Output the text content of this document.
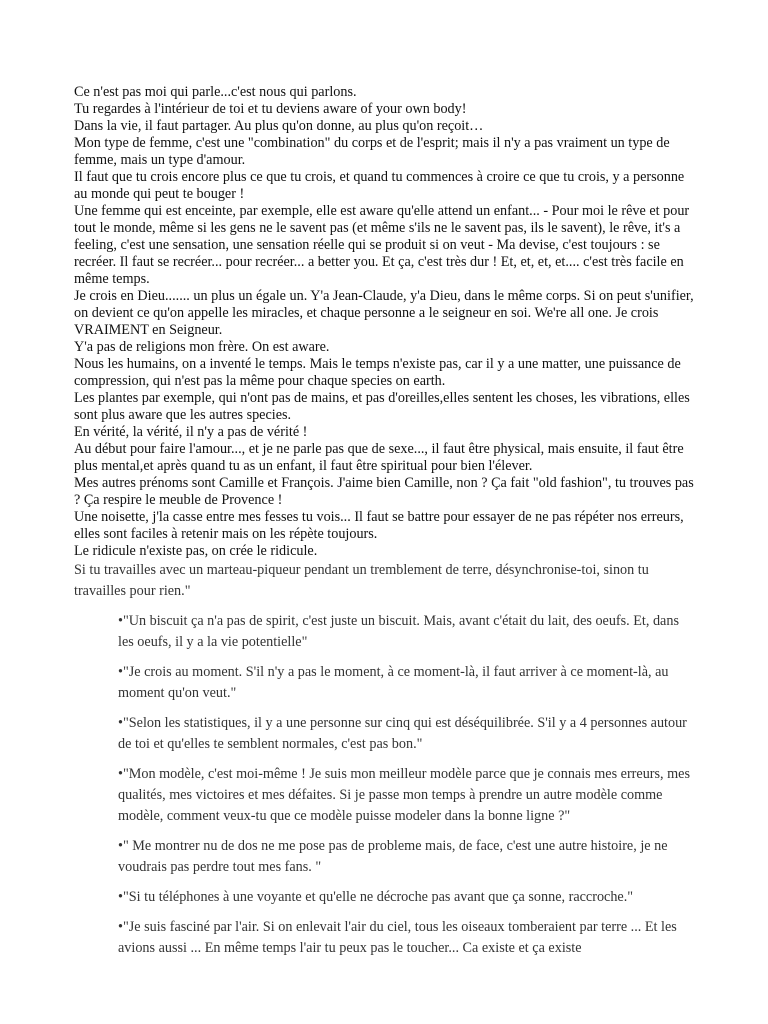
Ce n'est pas moi qui parle...c'est nous qui parlons.

Tu regardes à l'intérieur de toi et tu deviens aware of your own body!

Dans la vie, il faut partager. Au plus qu'on donne, au plus qu'on reçoit…

Mon type de femme, c'est une "combination" du corps et de l'esprit; mais il n'y a pas vraiment un type de femme, mais un type d'amour.

Il faut que tu crois encore plus ce que tu crois, et quand tu commences à croire ce que tu crois, y a personne au monde qui peut te bouger !

Une femme qui est enceinte, par exemple, elle est aware qu'elle attend un enfant... - Pour moi le rêve et pour tout le monde, même si les gens ne le savent pas (et même s'ils ne le savent pas, ils le savent), le rêve, it's a feeling, c'est une sensation, une sensation réelle qui se produit si on veut - Ma devise, c'est toujours : se recréer. Il faut se recréer... pour recréer... a better you. Et ça, c'est très dur ! Et, et, et, et.... c'est très facile en même temps.

Je crois en Dieu....... un plus un égale un. Y'a Jean-Claude, y'a Dieu, dans le même corps. Si on peut s'unifier, on devient ce qu'on appelle les miracles, et chaque personne a le seigneur en soi. We're all one. Je crois VRAIMENT en Seigneur.

Y'a pas de religions mon frère. On est aware.

Nous les humains, on a inventé le temps. Mais le temps n'existe pas, car il y a une matter, une puissance de compression, qui n'est pas la même pour chaque species on earth.

Les plantes par exemple, qui n'ont pas de mains, et pas d'oreilles,elles sentent les choses, les vibrations, elles sont plus aware que les autres species.

En vérité, la vérité, il n'y a pas de vérité !

Au début pour faire l'amour..., et je ne parle pas que de sexe..., il faut être physical, mais ensuite, il faut être plus mental,et après quand tu as un enfant, il faut être spiritual pour bien l'élever.

Mes autres prénoms sont Camille et François. J'aime bien Camille, non ? Ça fait "old fashion", tu trouves pas ? Ça respire le meuble de Provence !

Une noisette, j'la casse entre mes fesses tu vois... Il faut se battre pour essayer de ne pas répéter nos erreurs, elles sont faciles à retenir mais on les répète toujours.

Le ridicule n'existe pas, on crée le ridicule.

Si tu travailles avec un marteau-piqueur pendant un tremblement de terre, désynchronise-toi, sinon tu travailles pour rien."

•"Un biscuit ça n'a pas de spirit, c'est juste un biscuit. Mais, avant c'était du lait, des oeufs. Et, dans les oeufs, il y a la vie potentielle"
•"Je crois au moment. S'il n'y a pas le moment, à ce moment-là, il faut arriver à ce moment-là, au moment qu'on veut."
•"Selon les statistiques, il y a une personne sur cinq qui est déséquilibrée. S'il y a 4 personnes autour de toi et qu'elles te semblent normales, c'est pas bon."
•"Mon modèle, c'est moi-même ! Je suis mon meilleur modèle parce que je connais mes erreurs, mes qualités, mes victoires et mes défaites. Si je passe mon temps à prendre un autre modèle comme modèle, comment veux-tu que ce modèle puisse modeler dans la bonne ligne ?"
•" Me montrer nu de dos ne me pose pas de probleme mais, de face, c'est une autre histoire, je ne voudrais pas perdre tout mes fans. "
•"Si tu téléphones à une voyante et qu'elle ne décroche pas avant que ça sonne, raccroche."
•"Je suis fasciné par l'air. Si on enlevait l'air du ciel, tous les oiseaux tomberaient par terre ... Et les avions aussi ... En même temps l'air tu peux pas le toucher... Ca existe et ça existe
